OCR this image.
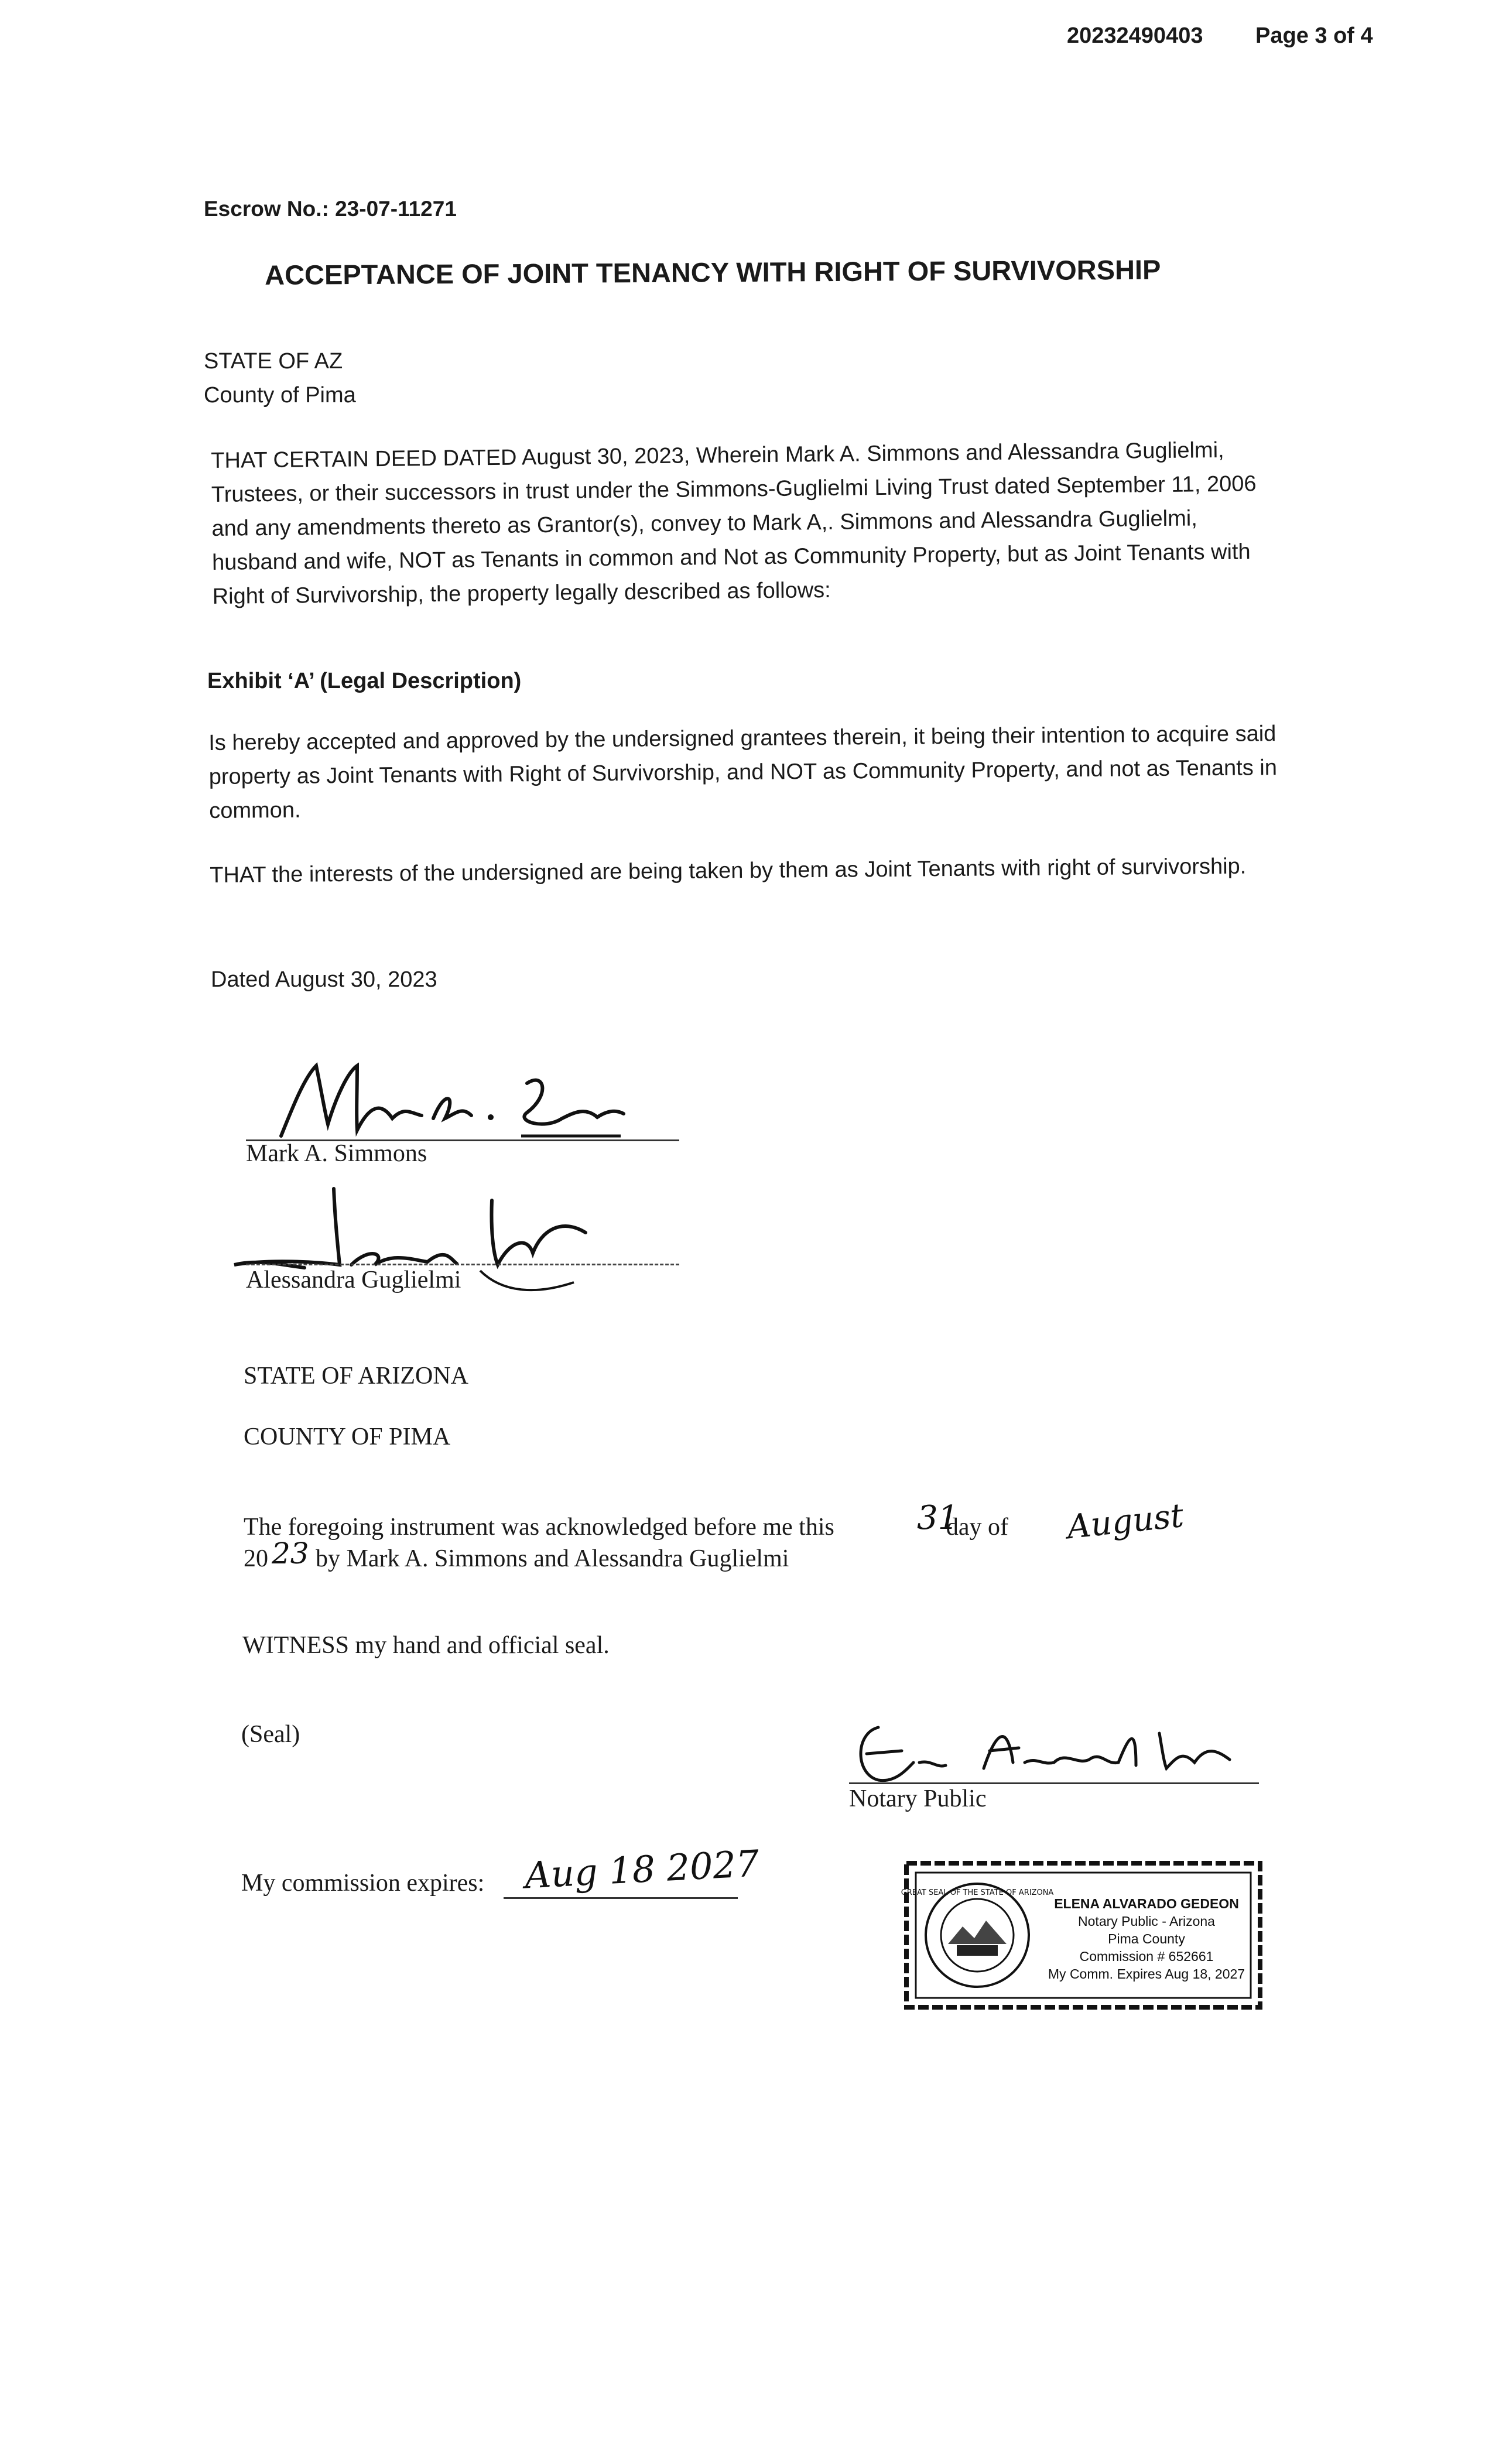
20232490403 Page 3 of 4
Escrow No.: 23-07-11271
ACCEPTANCE OF JOINT TENANCY WITH RIGHT OF SURVIVORSHIP
STATE OF AZ
County of Pima
THAT CERTAIN DEED DATED August 30, 2023, Wherein Mark A. Simmons and Alessandra Guglielmi, Trustees, or their successors in trust under the Simmons-Guglielmi Living Trust dated September 11, 2006 and any amendments thereto as Grantor(s), convey to Mark A,. Simmons and Alessandra Guglielmi, husband and wife, NOT as Tenants in common and Not as Community Property, but as Joint Tenants with Right of Survivorship, the property legally described as follows:
Exhibit ‘A’ (Legal Description)
Is hereby accepted and approved by the undersigned grantees therein, it being their intention to acquire said property as Joint Tenants with Right of Survivorship, and NOT as Community Property, and not as Tenants in common.
THAT the interests of the undersigned are being taken by them as Joint Tenants with right of survivorship.
Dated August 30, 2023
Mark A. Simmons
Alessandra Guglielmi
STATE OF ARIZONA
COUNTY OF PIMA
The foregoing instrument was acknowledged before me this	day of
31	August
20 by Mark A. Simmons and Alessandra Guglielmi
23
WITNESS my hand and official seal.
(Seal)
Notary Public
My commission expires: Aug 18 2027	GREAT SEAL OF THE STATE OF ARIZONA
ELENA ALVARADO GEDEON
Notary Public - Arizona
Pima County
Commission # 652661
My Comm. Expires Aug 18, 2027
